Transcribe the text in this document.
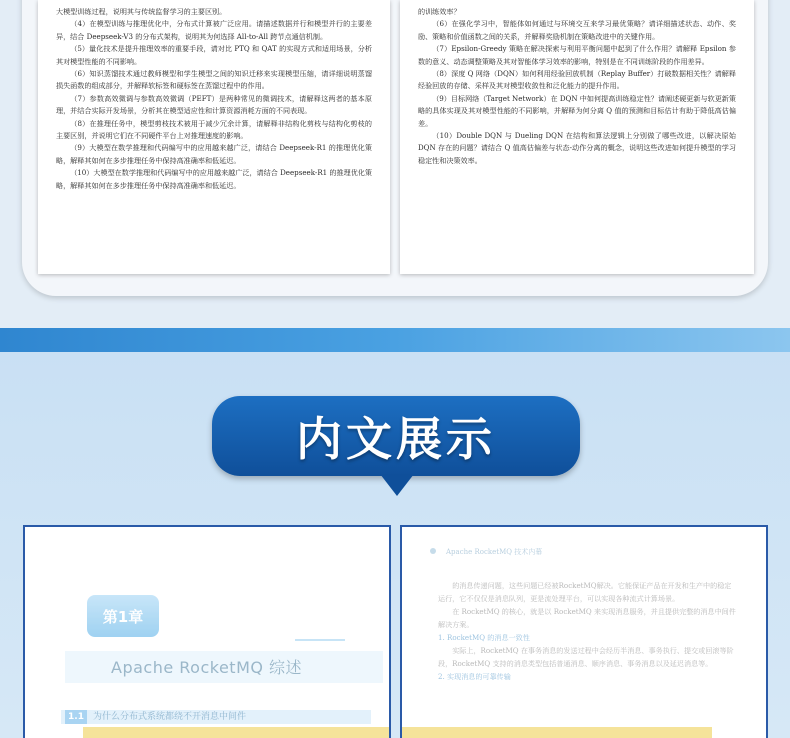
大模型训练过程，说明其与传统监督学习的主要区别。

（4）在模型训练与推理优化中，分布式计算被广泛应用。请描述数据并行和模型并行的主要差异，结合 Deepseek-V3 的分布式架构，说明其为何选择 All-to-All 跨节点通信机制。

（5）量化技术是提升推理效率的重要手段，请对比 PTQ 和 QAT 的实现方式和适用场景，分析其对模型性能的不同影响。

（6）知识蒸馏技术通过教师模型和学生模型之间的知识迁移来实现模型压缩，请详细说明蒸馏损失函数的组成部分，并解释软标签和硬标签在蒸馏过程中的作用。

（7）参数高效微调与参数高效微调（PEFT）是两种常见的微调技术，请解释这两者的基本原理，并结合实际开发场景，分析其在模型适应性和计算资源消耗方面的不同表现。

（8）在推理任务中，模型剪枝技术被用于减少冗余计算，请解释非结构化剪枝与结构化剪枝的主要区别，并说明它们在不同硬件平台上对推理速度的影响。

（9）大模型在数学推理和代码编写中的应用越来越广泛，请结合 Deepseek-R1 的推理优化策略，解释其如何在多步推理任务中保持高准确率和低延迟。

（10）大模型在数学推理和代码编写中的应用越来越广泛，请结合 Deepseek-R1 的推理优化策略，解释其如何在多步推理任务中保持高准确率和低延迟。

的训练效率？

（6）在强化学习中，智能体如何通过与环境交互来学习最优策略？请详细描述状态、动作、奖励、策略和价值函数之间的关系，并解释奖励机制在策略改进中的关键作用。

（7）Epsilon-Greedy 策略在解决探索与利用平衡问题中起到了什么作用？请解释 Epsilon 参数的意义、动态调整策略及其对智能体学习效率的影响，特别是在不同训练阶段的作用差异。

（8）深度 Q 网络（DQN）如何利用经验回放机制（Replay Buffer）打破数据相关性？请解释经验回放的存储、采样及其对模型收敛性和泛化能力的提升作用。

（9）目标网络（Target Network）在 DQN 中如何提高训练稳定性？请阐述硬更新与软更新策略的具体实现及其对模型性能的不同影响，并解释为何分离 Q 值的预测和目标估计有助于降低高估偏差。

（10）Double DQN 与 Dueling DQN 在结构和算法逻辑上分别做了哪些改进，以解决原始 DQN 存在的问题？请结合 Q 值高估偏差与状态-动作分离的概念，说明这些改进如何提升模型的学习稳定性和决策效率。

内文展示
第1章
Apache RocketMQ 综述
1.1	为什么分布式系统都绕不开消息中间件
Apache RocketMQ 技术内幕

的消息传递问题，这些问题已经被RocketMQ解决。它能保证产品在开发和生产中的稳定运行，它不仅仅是消息队列，更是流处理平台，可以实现各种流式计算场景。

在 RocketMQ 的核心，就是以 RocketMQ 来实现消息服务，并且提供完整的消息中间件解决方案。

1. RocketMQ 的消息一致性

实际上，RocketMQ 在事务消息的发送过程中会经历半消息、事务执行、提交或回滚等阶段，RocketMQ 支持的消息类型包括普通消息、顺序消息、事务消息以及延迟消息等。

2. 实现消息的可靠传输
